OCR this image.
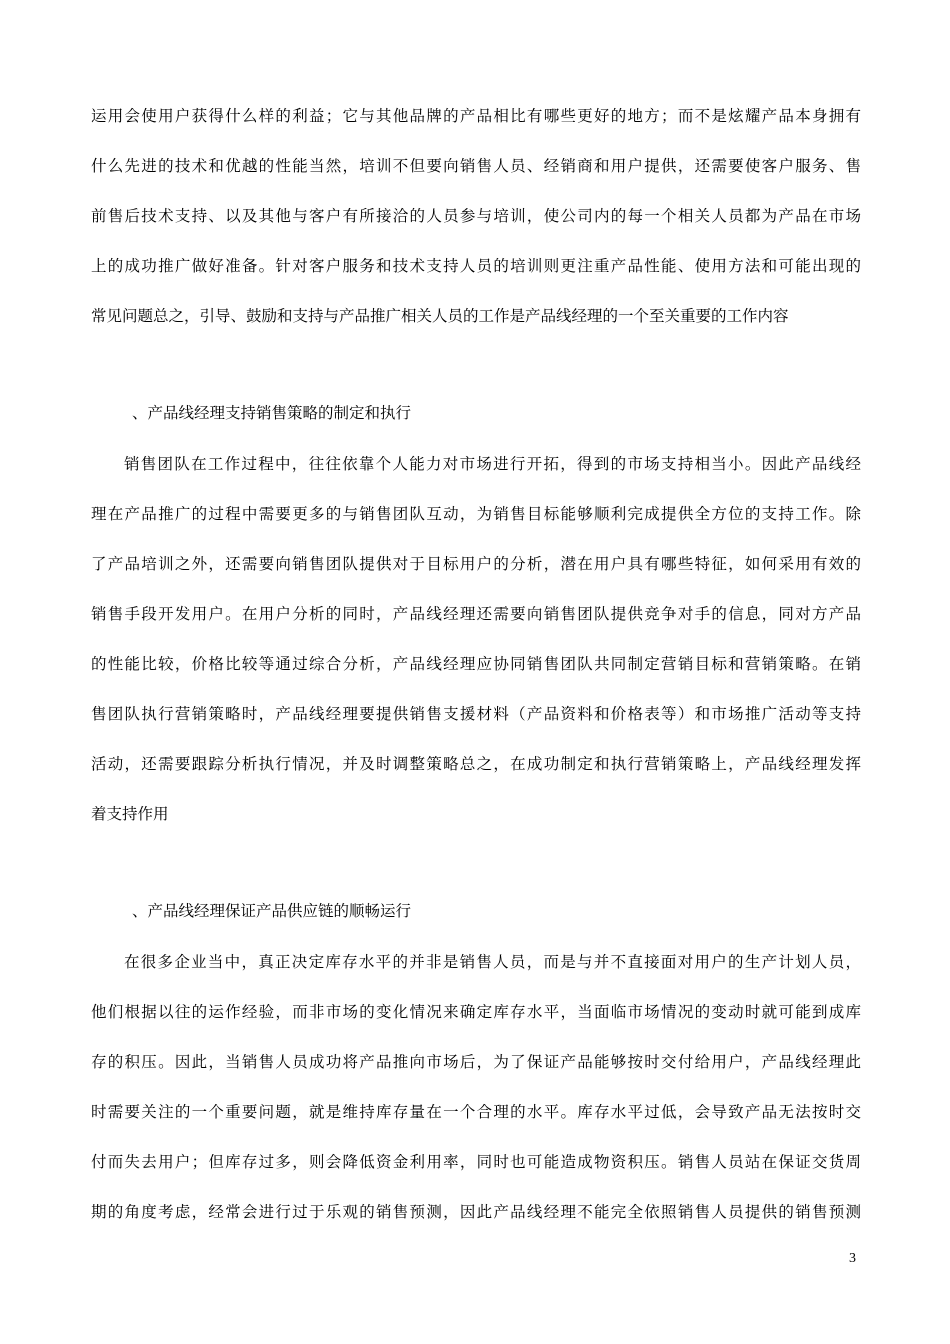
运用会使用户获得什么样的利益；它与其他品牌的产品相比有哪些更好的地方；而不是炫耀产品本身拥有
什么先进的技术和优越的性能当然，培训不但要向销售人员、经销商和用户提供，还需要使客户服务、售
前售后技术支持、以及其他与客户有所接洽的人员参与培训，使公司内的每一个相关人员都为产品在市场
上的成功推广做好准备。针对客户服务和技术支持人员的培训则更注重产品性能、使用方法和可能出现的
常见问题总之，引导、鼓励和支持与产品推广相关人员的工作是产品线经理的一个至关重要的工作内容
、产品线经理支持销售策略的制定和执行
销售团队在工作过程中，往往依靠个人能力对市场进行开拓，得到的市场支持相当小。因此产品线经
理在产品推广的过程中需要更多的与销售团队互动，为销售目标能够顺利完成提供全方位的支持工作。除
了产品培训之外，还需要向销售团队提供对于目标用户的分析，潜在用户具有哪些特征，如何采用有效的
销售手段开发用户。在用户分析的同时，产品线经理还需要向销售团队提供竞争对手的信息，同对方产品
的性能比较，价格比较等通过综合分析，产品线经理应协同销售团队共同制定营销目标和营销策略。在销
售团队执行营销策略时，产品线经理要提供销售支援材料（产品资料和价格表等）和市场推广活动等支持
活动，还需要跟踪分析执行情况，并及时调整策略总之，在成功制定和执行营销策略上，产品线经理发挥
着支持作用
、产品线经理保证产品供应链的顺畅运行
在很多企业当中，真正决定库存水平的并非是销售人员，而是与并不直接面对用户的生产计划人员，
他们根据以往的运作经验，而非市场的变化情况来确定库存水平，当面临市场情况的变动时就可能到成库
存的积压。因此，当销售人员成功将产品推向市场后，为了保证产品能够按时交付给用户，产品线经理此
时需要关注的一个重要问题，就是维持库存量在一个合理的水平。库存水平过低，会导致产品无法按时交
付而失去用户；但库存过多，则会降低资金利用率，同时也可能造成物资积压。销售人员站在保证交货周
期的角度考虑，经常会进行过于乐观的销售预测，因此产品线经理不能完全依照销售人员提供的销售预测
3
